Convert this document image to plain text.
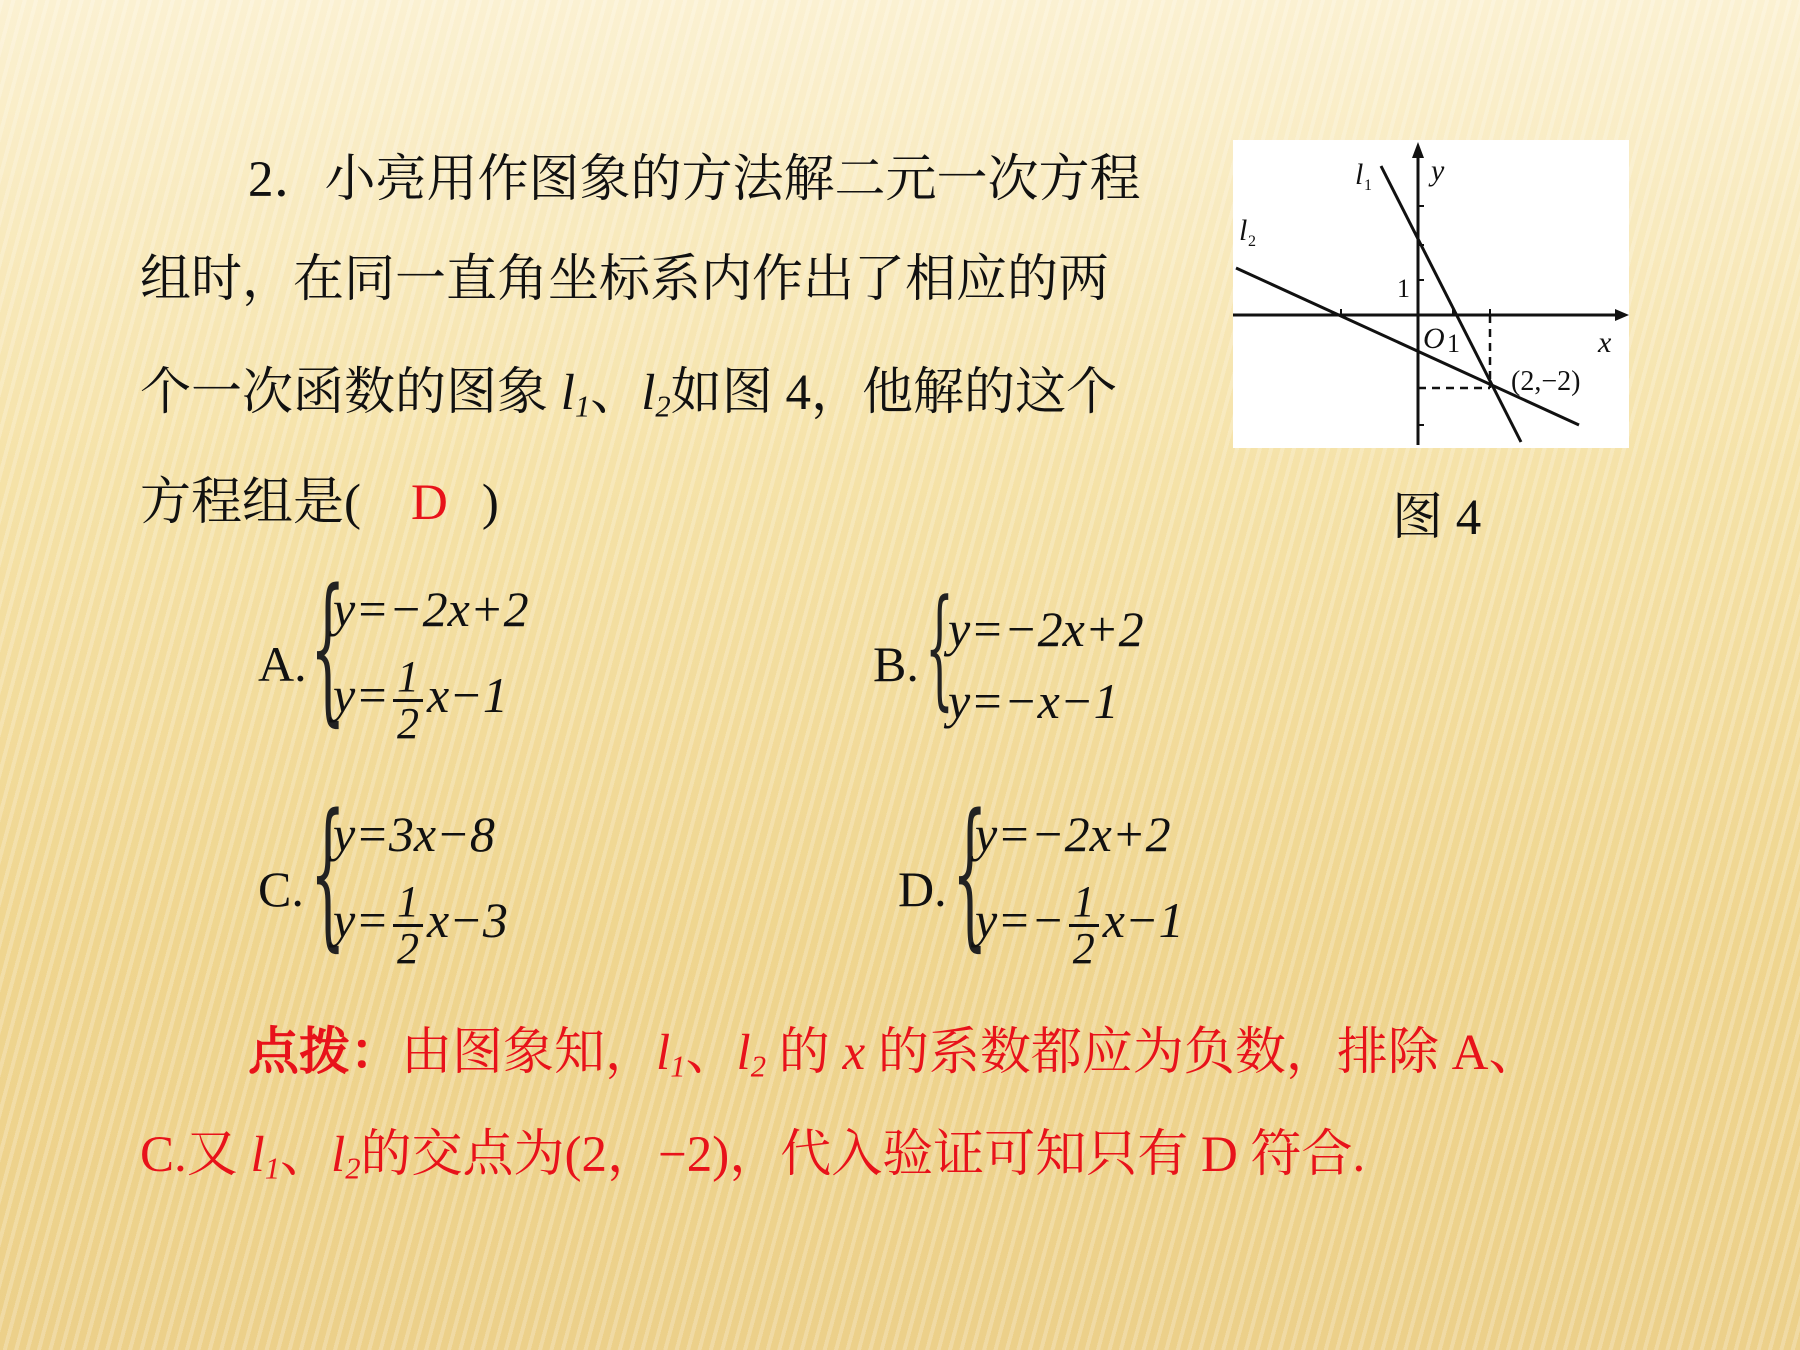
2．小亮用作图象的方法解二元一次方程
组时，在同一直角坐标系内作出了相应的两
个一次函数的图象 $l_1$、$l_2$如图 4，他解的这个
方程组是( D )
l 1
l 2
y
x
O
1
1
(2,−2)
图 4
A. {
y=−2x+2
$y= \frac{1}{2} x-1$
B. {
y=−2x+2
y=−x−1
C. {
y=3x−8
$y= \frac{1}{2} x-3$
D. {
y=−2x+2
$y=- \frac{1}{2} x-1$
点拨：由图象知，$l_1$、$l_2$ 的 x 的系数都应为负数，排除 A、
C.又 $l_1$、$l_2$的交点为(2，−2)，代入验证可知只有 D 符合.
